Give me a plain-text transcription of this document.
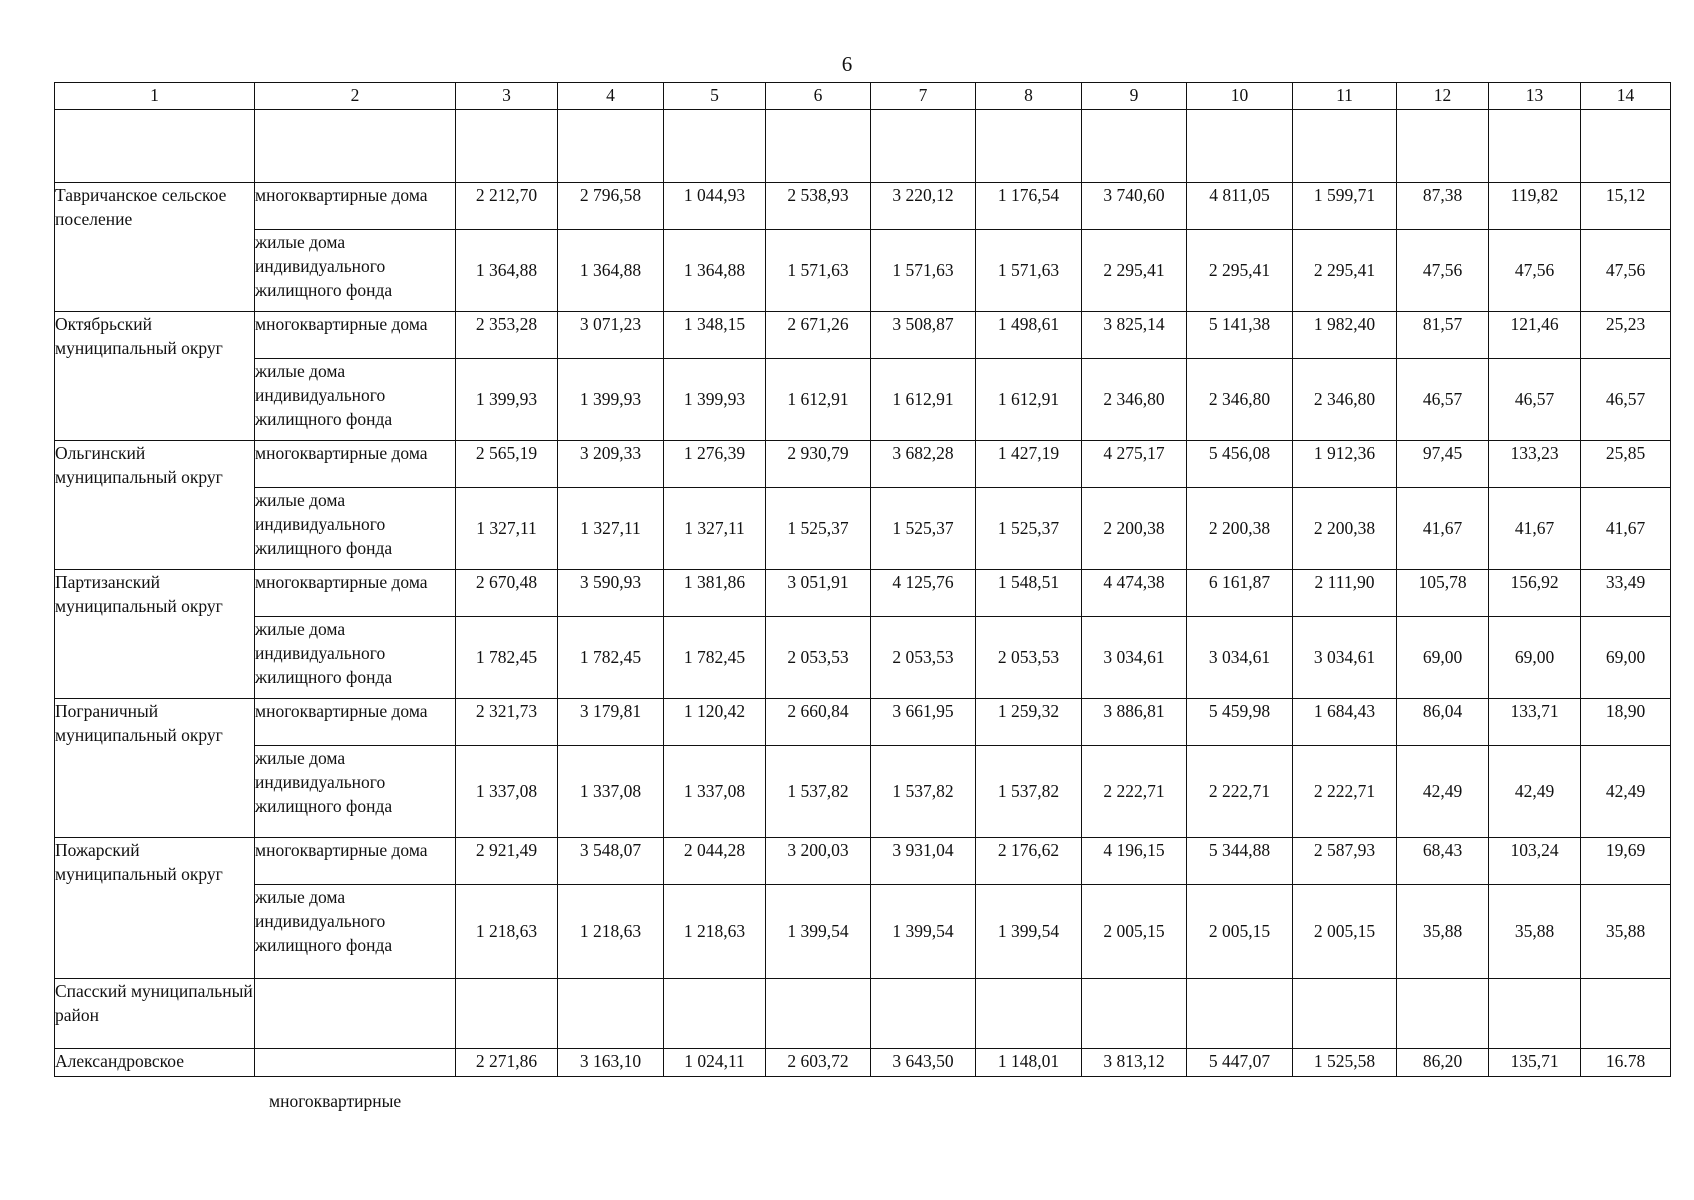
6
1	2	3	4	5	6	7	8	9	10	11	12	13	14

Тавричанское сельское поселение	многоквартирные дома	2 212,70	2 796,58	1 044,93	2 538,93	3 220,12	1 176,54	3 740,60	4 811,05	1 599,71	87,38	119,82	15,12
	жилые дома индивидуального жилищного фонда	1 364,88	1 364,88	1 364,88	1 571,63	1 571,63	1 571,63	2 295,41	2 295,41	2 295,41	47,56	47,56	47,56
Октябрьский муниципальный округ	многоквартирные дома	2 353,28	3 071,23	1 348,15	2 671,26	3 508,87	1 498,61	3 825,14	5 141,38	1 982,40	81,57	121,46	25,23
	жилые дома индивидуального жилищного фонда	1 399,93	1 399,93	1 399,93	1 612,91	1 612,91	1 612,91	2 346,80	2 346,80	2 346,80	46,57	46,57	46,57
Ольгинский муниципальный округ	многоквартирные дома	2 565,19	3 209,33	1 276,39	2 930,79	3 682,28	1 427,19	4 275,17	5 456,08	1 912,36	97,45	133,23	25,85
	жилые дома индивидуального жилищного фонда	1 327,11	1 327,11	1 327,11	1 525,37	1 525,37	1 525,37	2 200,38	2 200,38	2 200,38	41,67	41,67	41,67
Партизанский муниципальный округ	многоквартирные дома	2 670,48	3 590,93	1 381,86	3 051,91	4 125,76	1 548,51	4 474,38	6 161,87	2 111,90	105,78	156,92	33,49
	жилые дома индивидуального жилищного фонда	1 782,45	1 782,45	1 782,45	2 053,53	2 053,53	2 053,53	3 034,61	3 034,61	3 034,61	69,00	69,00	69,00
Пограничный муниципальный округ	многоквартирные дома	2 321,73	3 179,81	1 120,42	2 660,84	3 661,95	1 259,32	3 886,81	5 459,98	1 684,43	86,04	133,71	18,90
	жилые дома индивидуального жилищного фонда	1 337,08	1 337,08	1 337,08	1 537,82	1 537,82	1 537,82	2 222,71	2 222,71	2 222,71	42,49	42,49	42,49
Пожарский муниципальный округ	многоквартирные дома	2 921,49	3 548,07	2 044,28	3 200,03	3 931,04	2 176,62	4 196,15	5 344,88	2 587,93	68,43	103,24	19,69
	жилые дома индивидуального жилищного фонда	1 218,63	1 218,63	1 218,63	1 399,54	1 399,54	1 399,54	2 005,15	2 005,15	2 005,15	35,88	35,88	35,88
Спасский муниципальный район													
Александровское		2 271,86	3 163,10	1 024,11	2 603,72	3 643,50	1 148,01	3 813,12	5 447,07	1 525,58	86,20	135,71	16.78
многоквартирные
